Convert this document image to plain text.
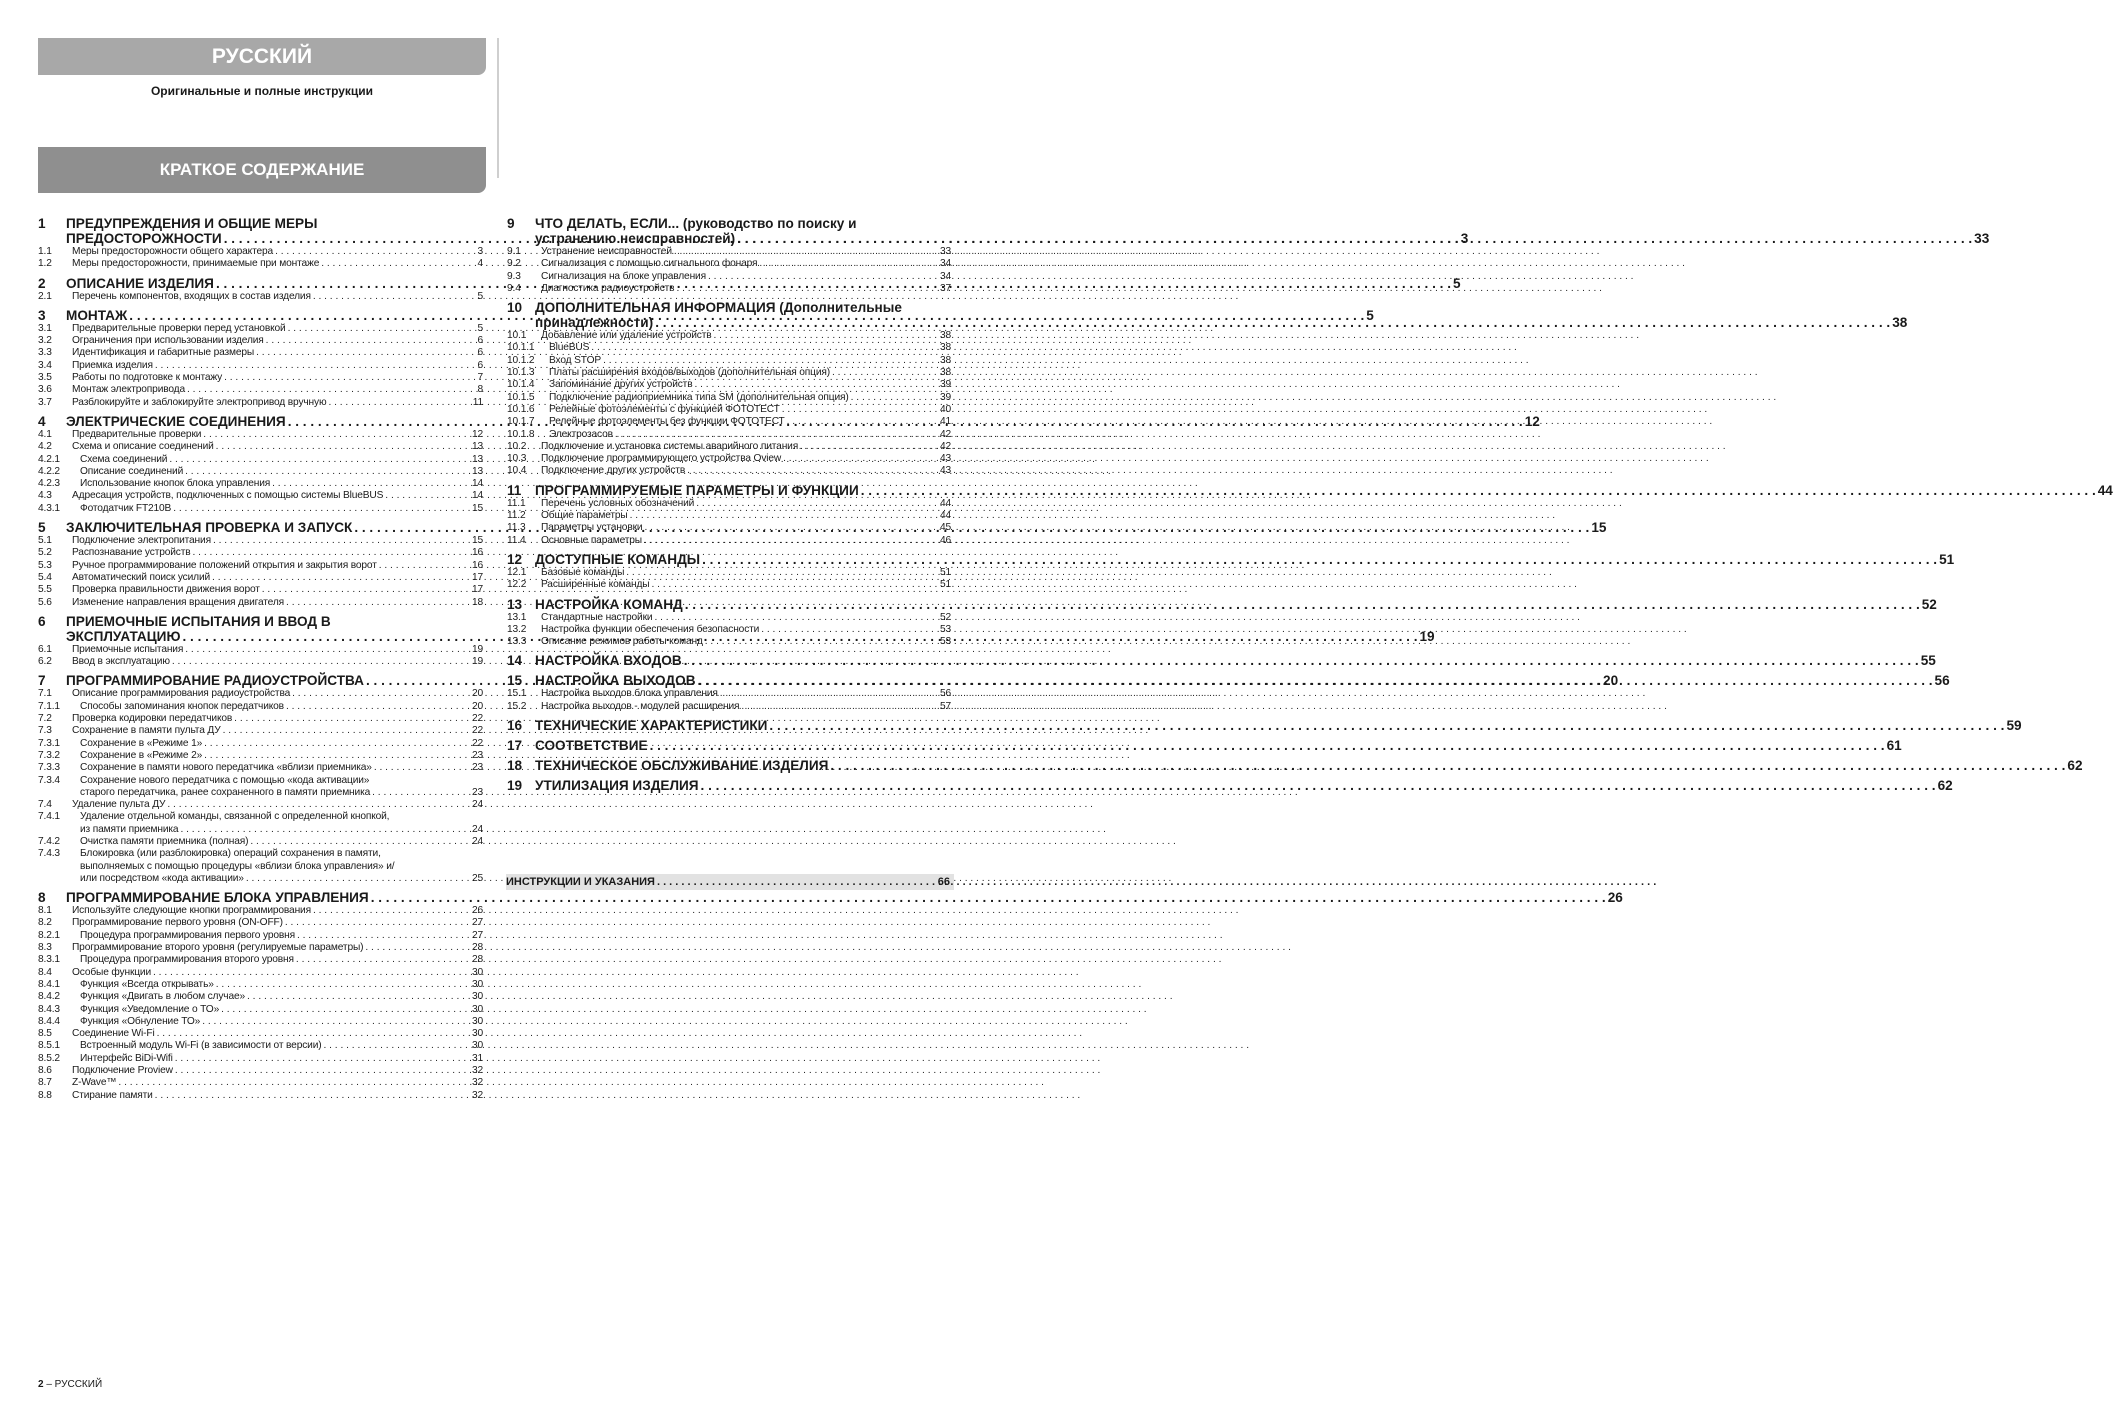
РУССКИЙ
Оригинальные и полные инструкции
КРАТКОЕ СОДЕРЖАНИЕ
1	ПРЕДУПРЕЖДЕНИЯ И ОБЩИЕ МЕРЫ
ПРЕДОСТОРОЖНОСТИ . . .	3
1.1	Меры предосторожности общего характера . . .	3
1.2	Меры предосторожности, принимаемые при монтаже . . .	4
2	ОПИСАНИЕ ИЗДЕЛИЯ . . .	5
2.1	Перечень компонентов, входящих в состав изделия . . .	5
3	МОНТАЖ . . .	5
3.1	Предварительные проверки перед установкой . . .	5
3.2	Ограничения при использовании изделия . . .	6
3.3	Идентификация и габаритные размеры . . .	6
3.4	Приемка изделия . . .	6
3.5	Работы по подготовке к монтажу . . .	7
3.6	Монтаж электропривода . . .	8
3.7	Разблокируйте и заблокируйте электропривод вручную . . .	11
4	ЭЛЕКТРИЧЕСКИЕ СОЕДИНЕНИЯ . . .	12
4.1	Предварительные проверки . . .	12
4.2	Схема и описание соединений . . .	13
4.2.1	Схема соединений . . .	13
4.2.2	Описание соединений . . .	13
4.2.3	Использование кнопок блока управления . . .	14
4.3	Адресация устройств, подключенных с помощью системы BlueBUS . . .	14
4.3.1	Фотодатчик FT210B . . .	15
5	ЗАКЛЮЧИТЕЛЬНАЯ ПРОВЕРКА И ЗАПУСК . . .	15
5.1	Подключение электропитания . . .	15
5.2	Распознавание устройств . . .	16
5.3	Ручное программирование положений открытия и закрытия ворот . . .	16
5.4	Автоматический поиск усилий . . .	17
5.5	Проверка правильности движения ворот . . .	17
5.6	Изменение направления вращения двигателя . . .	18
6	ПРИЕМОЧНЫЕ ИСПЫТАНИЯ И ВВОД В
ЭКСПЛУАТАЦИЮ . . .	19
6.1	Приемочные испытания . . .	19
6.2	Ввод в эксплуатацию . . .	19
7	ПРОГРАММИРОВАНИЕ РАДИОУСТРОЙСТВА . . .	20
7.1	Описание программирования радиоустройства . . .	20
7.1.1	Способы запоминания кнопок передатчиков . . .	20
7.2	Проверка кодировки передатчиков . . .	22
7.3	Сохранение в памяти пульта ДУ . . .	22
7.3.1	Сохранение в «Режиме 1» . . .	22
7.3.2	Сохранение в «Режиме 2» . . .	23
7.3.3	Сохранение в памяти нового передатчика «вблизи приемника» . . .	23
7.3.4	Сохранение нового передатчика с помощью «кода активации»
старого передатчика, ранее сохраненного в памяти приемника . . .	23
7.4	Удаление пульта ДУ . . .	24
7.4.1	Удаление отдельной команды, связанной с определенной кнопкой,
из памяти приемника . . .	24
7.4.2	Очистка памяти приемника (полная) . . .	24
7.4.3	Блокировка (или разблокировка) операций сохранения в памяти,
выполняемых с помощью процедуры «вблизи блока управления» и/
или посредством «кода активации» . . .	25
8	ПРОГРАММИРОВАНИЕ БЛОКА УПРАВЛЕНИЯ . . .	26
8.1	Используйте следующие кнопки программирования . . .	26
8.2	Программирование первого уровня (ON-OFF) . . .	27
8.2.1	Процедура программирования первого уровня . . .	27
8.3	Программирование второго уровня (регулируемые параметры) . . .	28
8.3.1	Процедура программирования второго уровня . . .	28
8.4	Особые функции . . .	30
8.4.1	Функция «Всегда открывать» . . .	30
8.4.2	Функция «Двигать в любом случае» . . .	30
8.4.3	Функция «Уведомление о ТО» . . .	30
8.4.4	Функция «Обнуление ТО» . . .	30
8.5	Соединение Wi-Fi . . .	30
8.5.1	Встроенный модуль Wi-Fi (в зависимости от версии) . . .	30
8.5.2	Интерфейс BiDi-Wifi . . .	31
8.6	Подключение Proview . . .	32
8.7	Z-Wave™ . . .	32
8.8	Стирание памяти . . .	32
9	ЧТО ДЕЛАТЬ, ЕСЛИ... (руководство по поиску и
устранению неисправностей) . . .	33
9.1	Устранение неисправностей . . .	33
9.2	Сигнализация с помощью сигнального фонаря . . .	34
9.3	Сигнализация на блоке управления . . .	34
9.4	Диагностика радиоустройств . . .	37
10 ДОПОЛНИТЕЛЬНАЯ ИНФОРМАЦИЯ (Дополнительные
принадлежности) . . .	38
10.1	Добавление или удаление устройств . . .	38
10.1.1	BlueBUS . . .	38
10.1.2	Вход STOP . . .	38
10.1.3	Платы расширения входов/выходов (дополнительная опция) . . .	38
10.1.4	Запоминание других устройств . . .	39
10.1.5	Подключение радиоприемника типа SM (дополнительная опция) . . .	39
10.1.6	Релейные фотоэлементы с функцией ФОТОТЕСТ . . .	40
10.1.7	Релейные фотоэлементы без функции ФОТОТЕСТ . . .	41
10.1.8	Электрозасов . . .	42
10.2	Подключение и установка системы аварийного питания . . .	42
10.3	Подключение программирующего устройства Oview . . .	43
10.4	Подключение других устройств . . .	43
11	ПРОГРАММИРУЕМЫЕ ПАРАМЕТРЫ И ФУНКЦИИ . . .	44
11.1	Перечень условных обозначений . . .	44
11.2	Общие параметры . . .	44
11.3	Параметры установки . . .	45
11.4	Основные параметры . . .	46
12 ДОСТУПНЫЕ КОМАНДЫ . . .	51
12.1	Базовые команды . . .	51
12.2	Расширенные команды . . .	51
13 НАСТРОЙКА КОМАНД . . .	52
13.1	Стандартные настройки . . .	52
13.2	Настройка функции обеспечения безопасности . . .	53
13.3	Описание режимов работы команд . . .	53
14 НАСТРОЙКА ВХОДОВ . . .	55
15 НАСТРОЙКА ВЫХОДОВ . . .	56
15.1	Настройка выходов блока управления . . .	56
15.2	Настройка выходов - модулей расширения . . .	57
16 ТЕХНИЧЕСКИЕ ХАРАКТЕРИСТИКИ . . .	59
17 СООТВЕТСТВИЕ . . .	61
18 ТЕХНИЧЕСКОЕ ОБСЛУЖИВАНИЕ ИЗДЕЛИЯ . . .	62
19 УТИЛИЗАЦИЯ ИЗДЕЛИЯ . . .	62
ИНСТРУКЦИИ И УКАЗАНИЯ . . .	66
2 – РУССКИЙ
